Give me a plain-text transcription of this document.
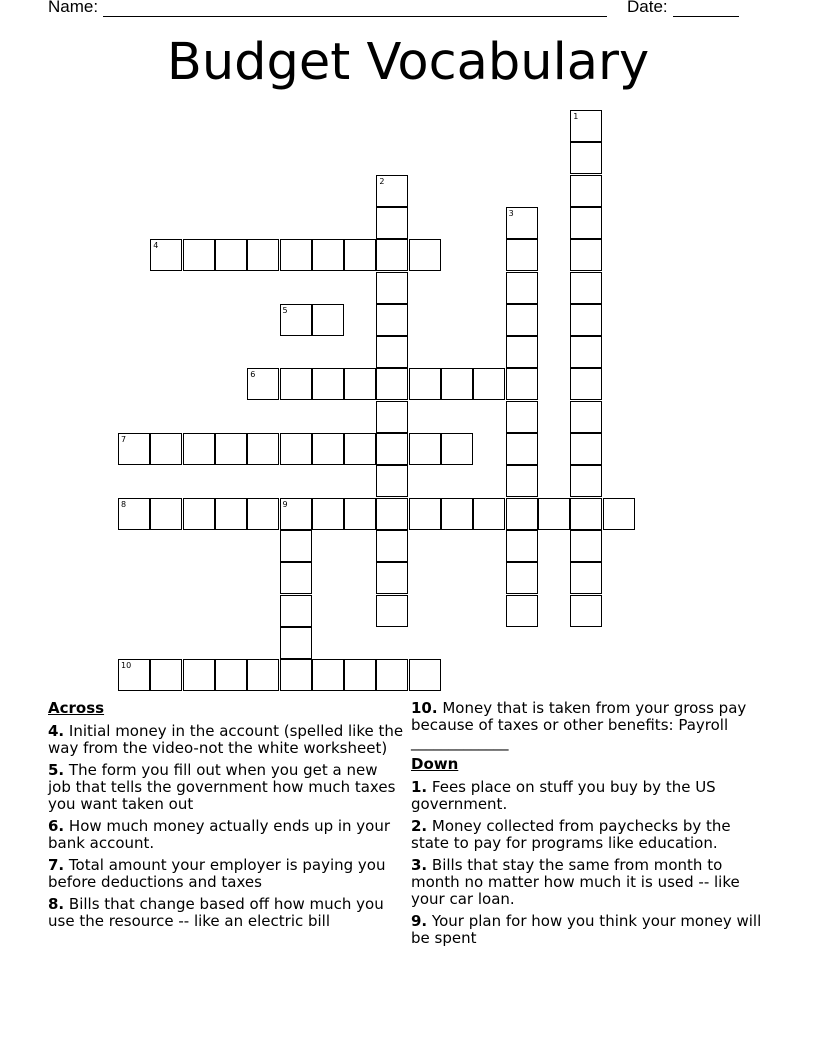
Name:	Date:
Budget Vocabulary
1
2
3
4
5
6
7
8	9
10
Across
4. Initial money in the account (spelled like the way from the video-not the white worksheet)
5. The form you fill out when you get a new job that tells the government how much taxes you want taken out
6. How much money actually ends up in your bank account.
7. Total amount your employer is paying you before deductions and taxes
8. Bills that change based off how much you use the resource -- like an electric bill
10. Money that is taken from your gross pay because of taxes or other benefits: Payroll _____________
Down
1. Fees place on stuff you buy by the US government.
2. Money collected from paychecks by the state to pay for programs like education.
3. Bills that stay the same from month to month no matter how much it is used -- like your car loan.
9. Your plan for how you think your money will be spent
